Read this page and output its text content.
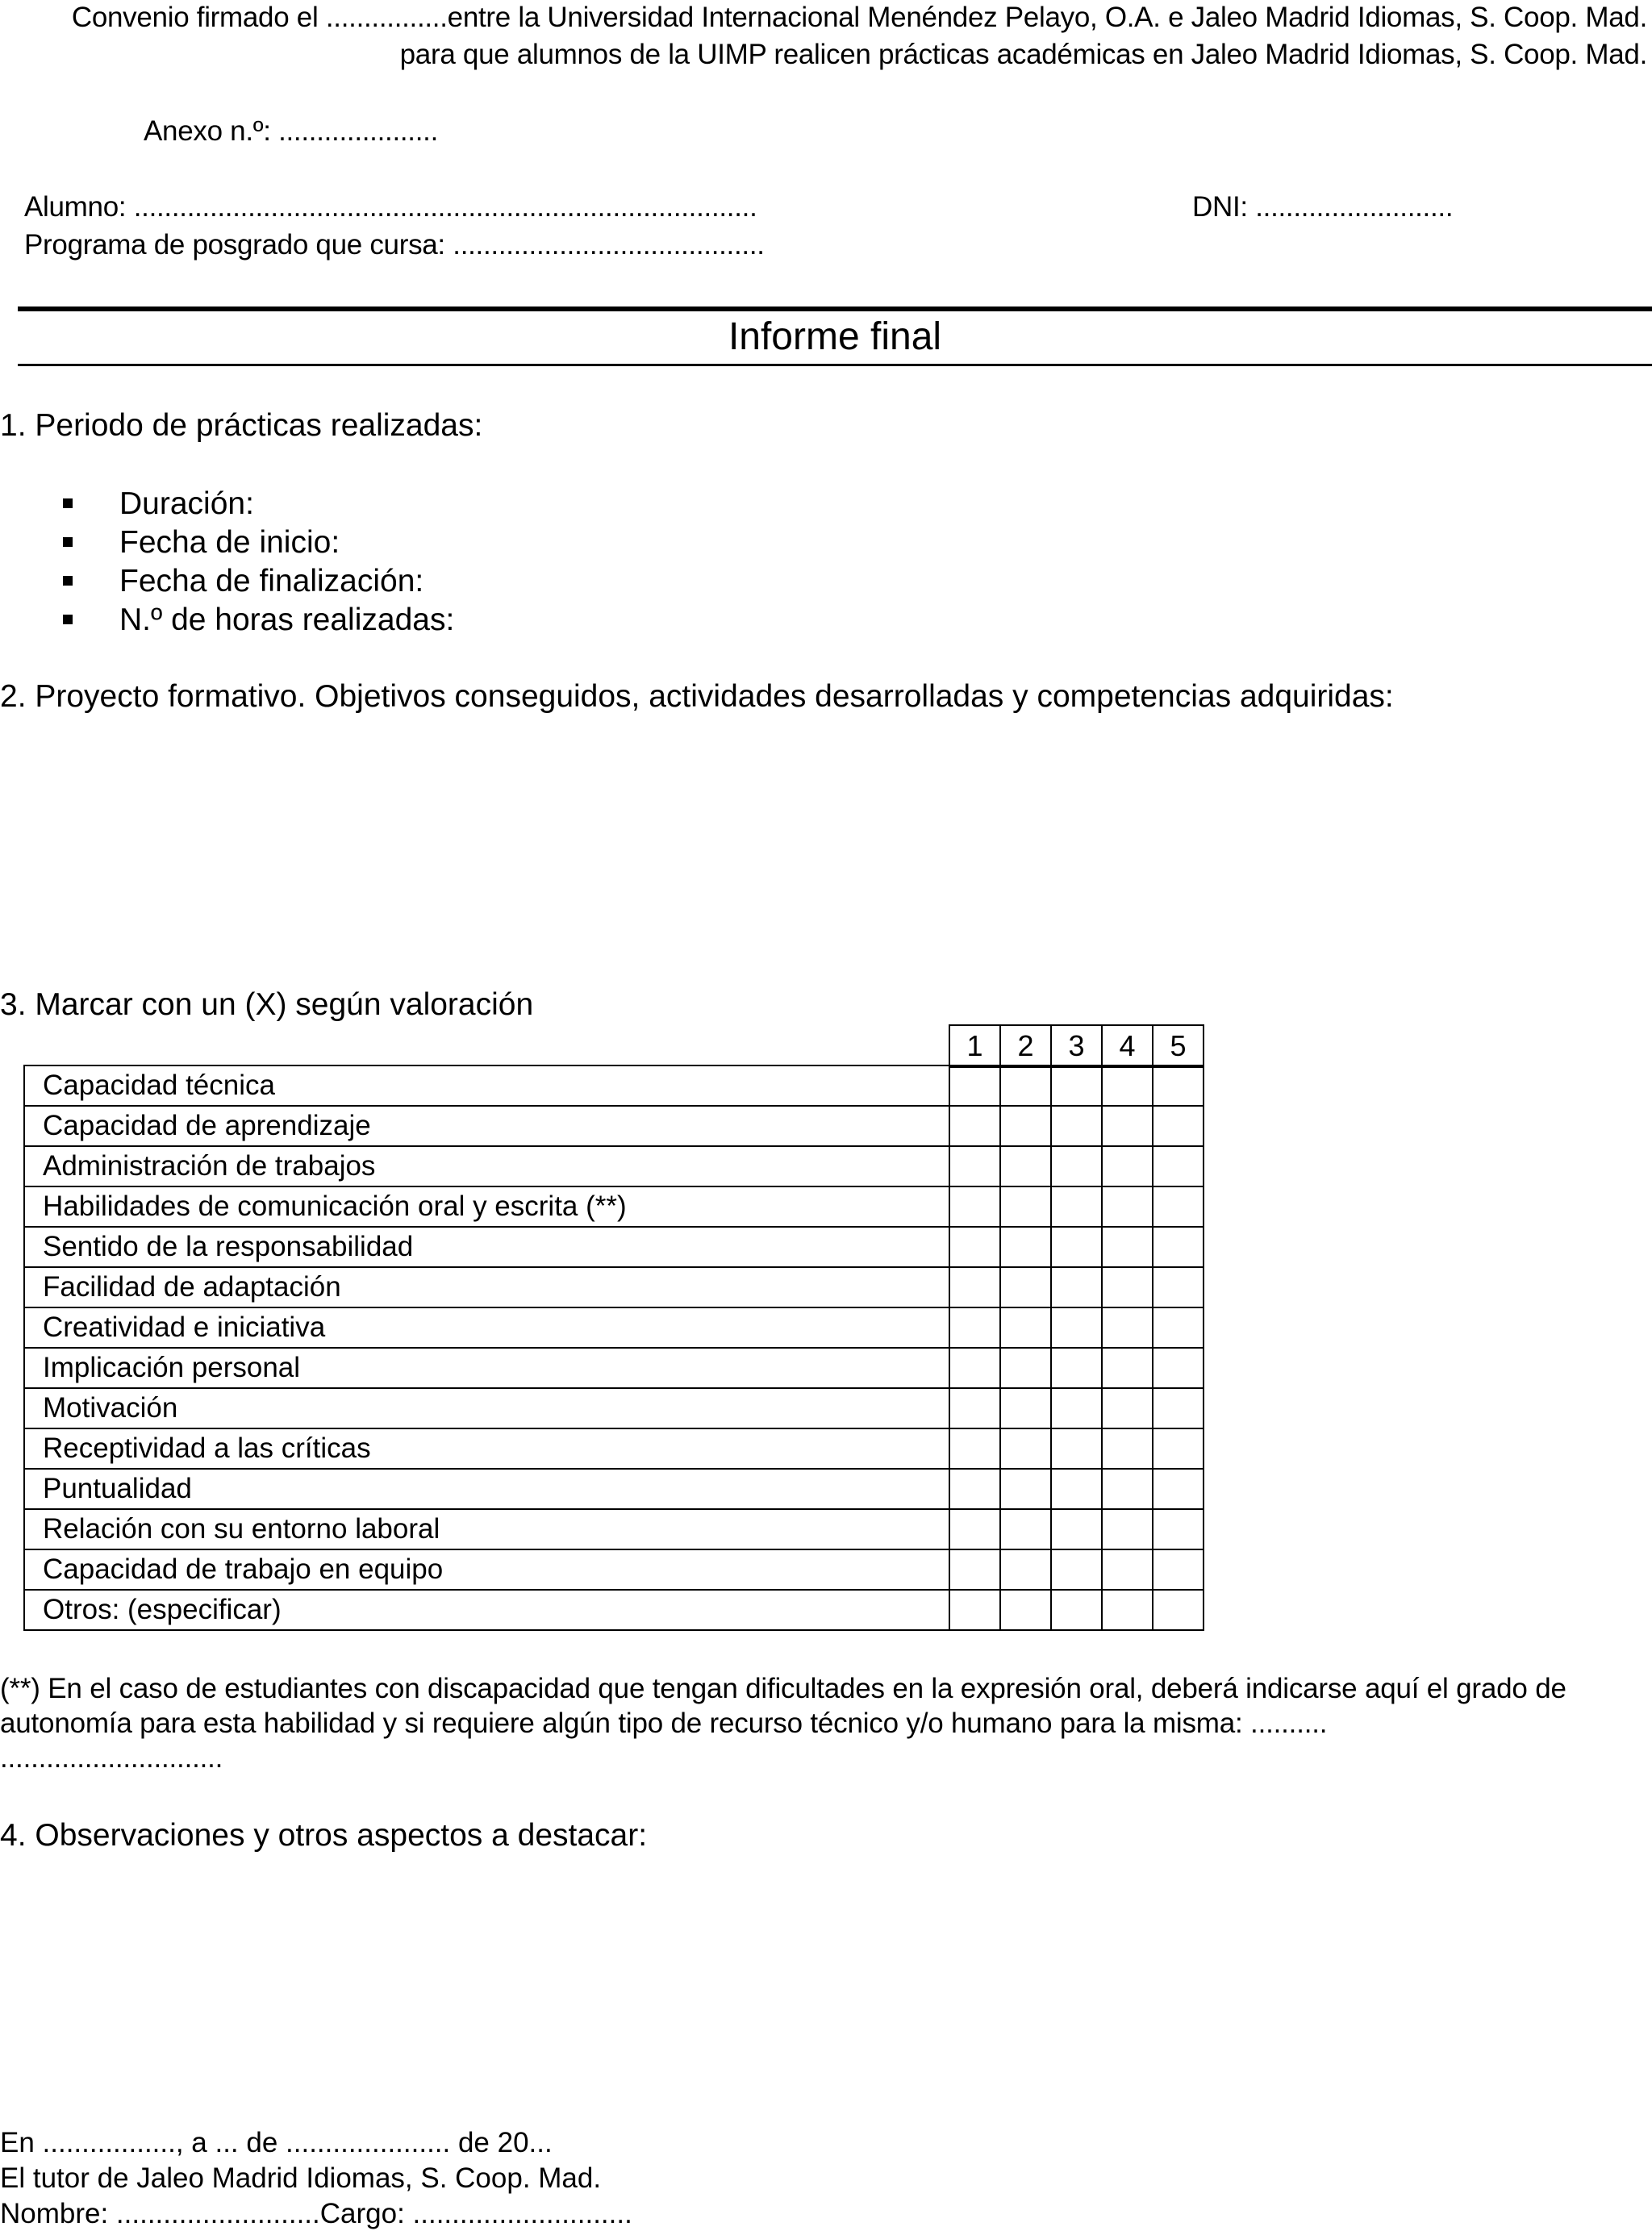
Convenio firmado el ................entre la Universidad Internacional Menéndez Pelayo, O.A. e Jaleo Madrid Idiomas, S. Coop. Mad.
para que alumnos de la UIMP realicen prácticas académicas en Jaleo Madrid Idiomas, S. Coop. Mad.
Anexo n.º: .....................
Alumno: ..................................................................................	DNI: ..........................
Programa de posgrado que cursa: .........................................
Informe final
1. Periodo de prácticas realizadas:
Duración:
Fecha de inicio:
Fecha de finalización:
N.º de horas realizadas:
2. Proyecto formativo. Objetivos conseguidos, actividades desarrolladas y competencias adquiridas:
3. Marcar con un (X) según valoración
1	2	3	4	5
Capacidad técnica					
Capacidad de aprendizaje					
Administración de trabajos					
Habilidades de comunicación oral y escrita (**)					
Sentido de la responsabilidad					
Facilidad de adaptación					
Creatividad e iniciativa					
Implicación personal					
Motivación					
Receptividad a las críticas					
Puntualidad					
Relación con su entorno laboral					
Capacidad de trabajo en equipo					
Otros: (especificar)					
(**) En el caso de estudiantes con discapacidad que tengan dificultades en la expresión oral, deberá indicarse aquí el grado de
autonomía para esta habilidad y si requiere algún tipo de recurso técnico y/o humano para la misma: ..........
.............................
4. Observaciones y otros aspectos a destacar:
En ................., a ... de ..................... de 20...
El tutor de Jaleo Madrid Idiomas, S. Coop. Mad.
Nombre: ..........................Cargo: ............................
